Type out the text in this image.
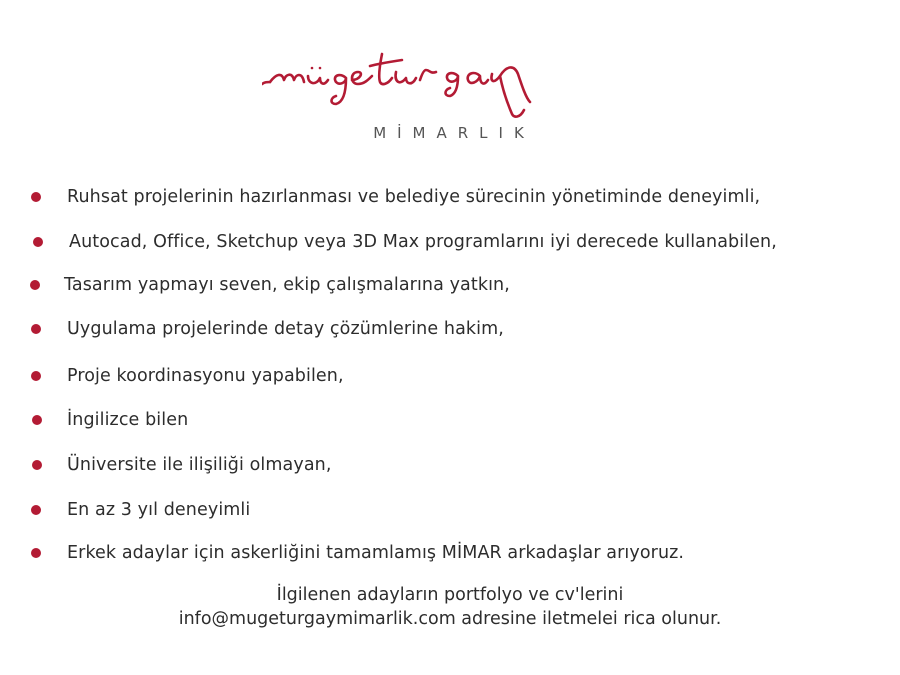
MİMARLIK
Ruhsat projelerinin hazırlanması ve belediye sürecinin yönetiminde deneyimli,
Autocad, Office, Sketchup veya 3D Max programlarını iyi derecede kullanabilen,
Tasarım yapmayı seven, ekip çalışmalarına yatkın,
Uygulama projelerinde detay çözümlerine hakim,
Proje koordinasyonu yapabilen,
İngilizce bilen
Üniversite ile ilişiliği olmayan,
En az 3 yıl deneyimli
Erkek adaylar için askerliğini tamamlamış MİMAR arkadaşlar arıyoruz.
İlgilenen adayların portfolyo ve cv'lerini
info@mugeturgaymimarlik.com adresine iletmelei rica olunur.
